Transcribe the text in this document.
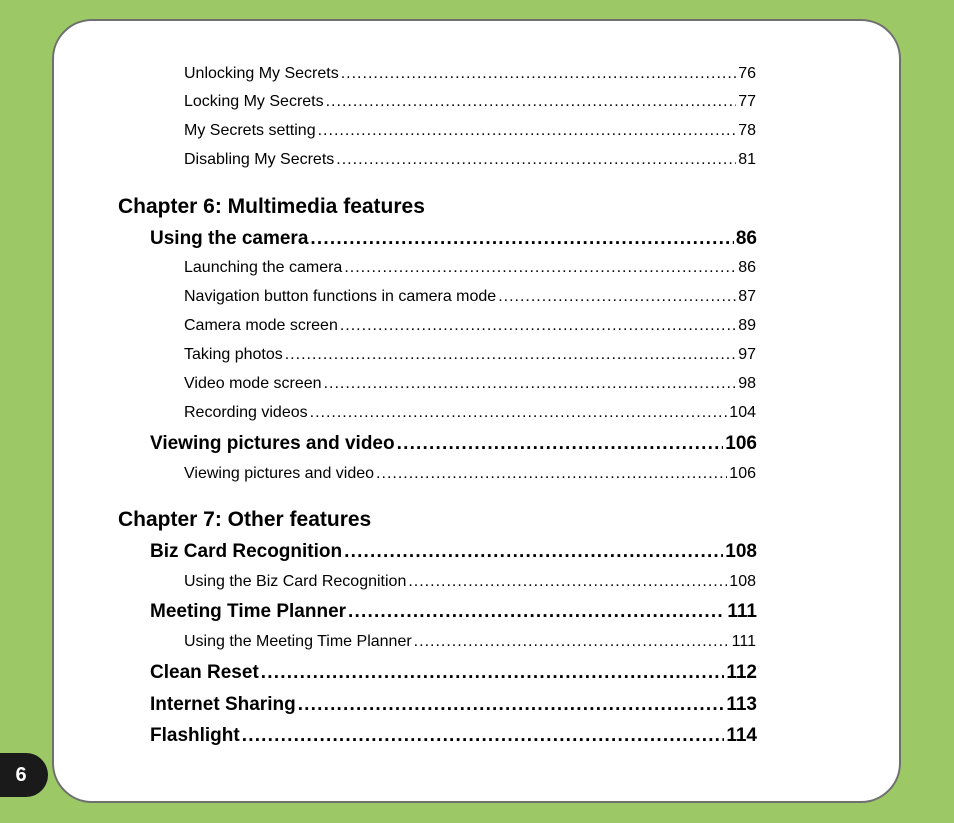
Unlocking My Secrets .....	76
Locking My Secrets .....	77
My Secrets setting .....	78
Disabling My Secrets .....	81
Chapter 6: Multimedia features
Using the camera .....	86
Launching the camera .....	86
Navigation button functions in camera mode .....	87
Camera mode screen .....	89
Taking photos .....	97
Video mode screen .....	98
Recording videos .....	104
Viewing pictures and video .....	106
Viewing pictures and video .....	106
Chapter 7: Other features
Biz Card Recognition .....	108
Using the Biz Card Recognition .....	108
Meeting Time Planner .....	111
Using the Meeting Time Planner .....	111
Clean Reset .....	112
Internet Sharing .....	113
Flashlight .....	114
6
